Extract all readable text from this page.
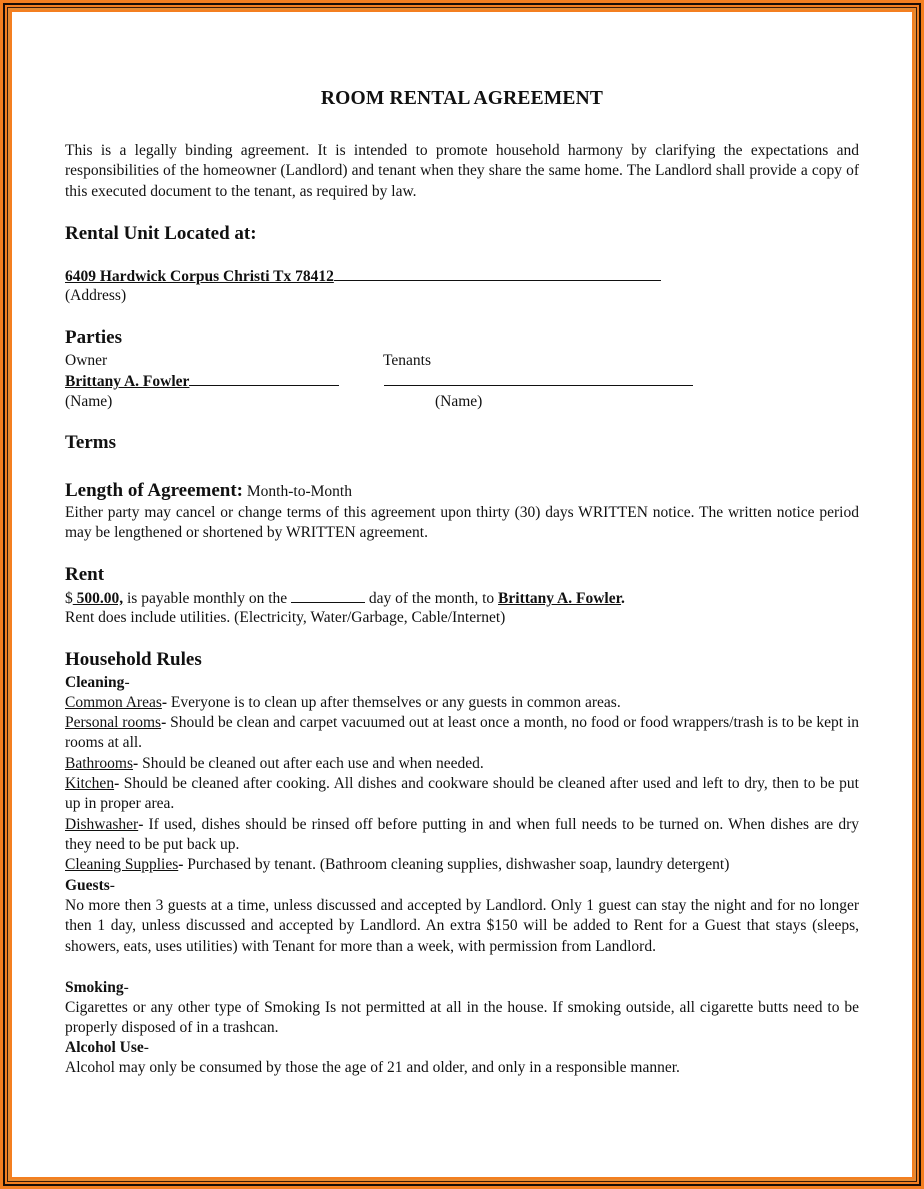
ROOM RENTAL AGREEMENT
This is a legally binding agreement. It is intended to promote household harmony by clarifying the expectations and responsibilities of the homeowner (Landlord) and tenant when they share the same home. The Landlord shall provide a copy of this executed document to the tenant, as required by law.
Rental Unit Located at:
6409 Hardwick Corpus Christi Tx 78412
(Address)
Parties
Owner	Tenants
Brittany A. Fowler
(Name)	(Name)
Terms
Length of Agreement: Month-to-Month
Either party may cancel or change terms of this agreement upon thirty (30) days WRITTEN notice. The written notice period may be lengthened or shortened by WRITTEN agreement.
Rent
$ 500.00, is payable monthly on the	day of the month, to Brittany A. Fowler.
Rent does include utilities. (Electricity, Water/Garbage, Cable/Internet)
Household Rules
Cleaning-
Common Areas- Everyone is to clean up after themselves or any guests in common areas.
Personal rooms- Should be clean and carpet vacuumed out at least once a month, no food or food wrappers/trash is to be kept in rooms at all.
Bathrooms- Should be cleaned out after each use and when needed.
Kitchen- Should be cleaned after cooking. All dishes and cookware should be cleaned after used and left to dry, then to be put up in proper area.
Dishwasher- If used, dishes should be rinsed off before putting in and when full needs to be turned on. When dishes are dry they need to be put back up.
Cleaning Supplies- Purchased by tenant. (Bathroom cleaning supplies, dishwasher soap, laundry detergent)
Guests-
No more then 3 guests at a time, unless discussed and accepted by Landlord. Only 1 guest can stay the night and for no longer then 1 day, unless discussed and accepted by Landlord. An extra $150 will be added to Rent for a Guest that stays (sleeps, showers, eats, uses utilities) with Tenant for more than a week, with permission from Landlord.
Smoking-
Cigarettes or any other type of Smoking Is not permitted at all in the house. If smoking outside, all cigarette butts need to be properly disposed of in a trashcan.
Alcohol Use-
Alcohol may only be consumed by those the age of 21 and older, and only in a responsible manner.
